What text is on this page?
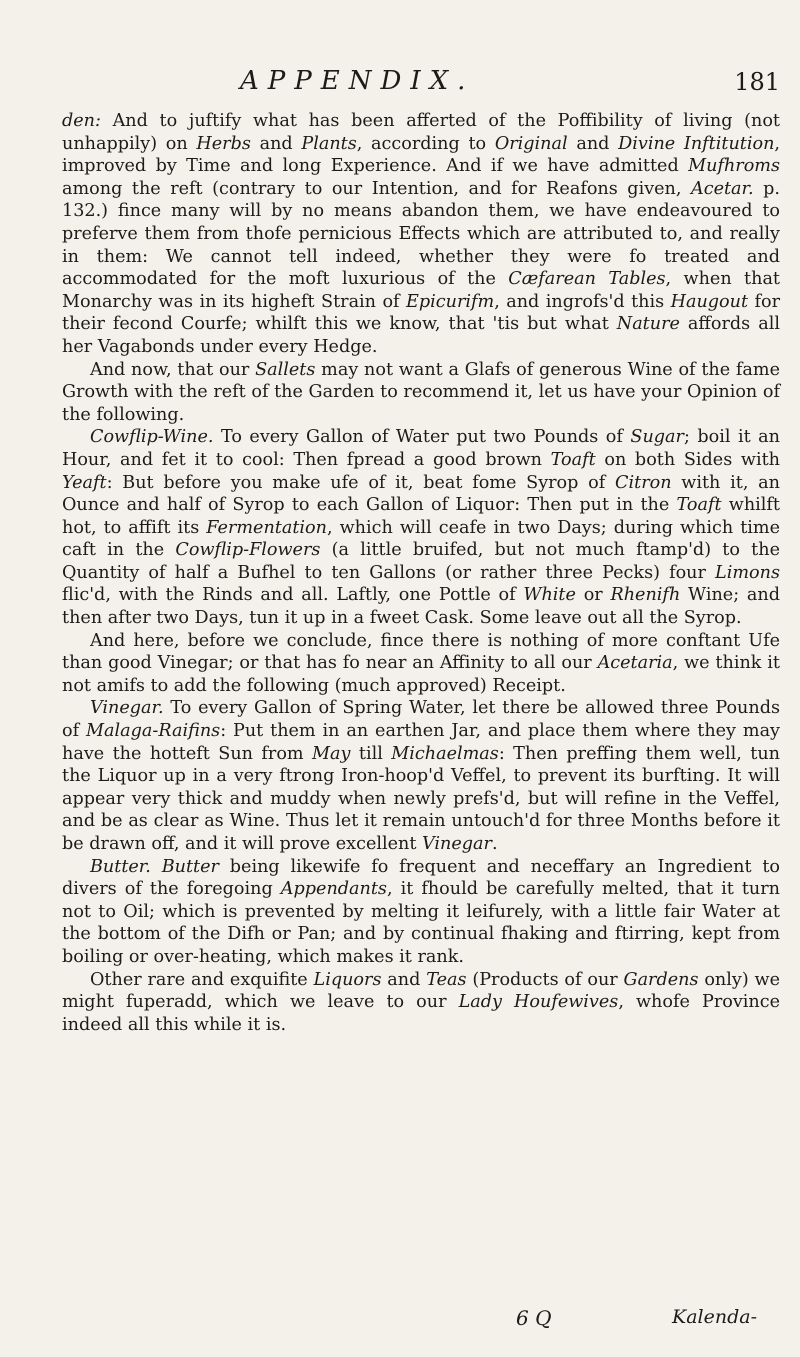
APPENDIX.	181

den: And to juftify what has been afferted of the Poffibility of living (not unhappily) on Herbs and Plants, according to Original and Divine Inftitution, improved by Time and long Experience. And if we have admitted Mufhroms among the reft (contrary to our Intention, and for Reafons given, Acetar. p. 132.) fince many will by no means abandon them, we have endeavoured to preferve them from thofe pernicious Effects which are attributed to, and really in them: We cannot tell indeed, whether they were fo treated and accommodated for the moft luxurious of the Cæfarean Tables, when that Monarchy was in its higheft Strain of Epicurifm, and ingrofs'd this Haugout for their fecond Courfe; whilft this we know, that 'tis but what Nature affords all her Vagabonds under every Hedge.

And now, that our Sallets may not want a Glafs of generous Wine of the fame Growth with the reft of the Garden to recommend it, let us have your Opinion of the following.

Cowflip-Wine. To every Gallon of Water put two Pounds of Sugar; boil it an Hour, and fet it to cool: Then fpread a good brown Toaft on both Sides with Yeaft: But before you make ufe of it, beat fome Syrop of Citron with it, an Ounce and half of Syrop to each Gallon of Liquor: Then put in the Toaft whilft hot, to affift its Fermentation, which will ceafe in two Days; during which time caft in the Cowflip-Flowers (a little bruifed, but not much ftamp'd) to the Quantity of half a Bufhel to ten Gallons (or rather three Pecks) four Limons flic'd, with the Rinds and all. Laftly, one Pottle of White or Rhenifh Wine; and then after two Days, tun it up in a fweet Cask. Some leave out all the Syrop.

And here, before we conclude, fince there is nothing of more conftant Ufe than good Vinegar; or that has fo near an Affinity to all our Acetaria, we think it not amifs to add the following (much approved) Receipt.

Vinegar. To every Gallon of Spring Water, let there be allowed three Pounds of Malaga-Raifins: Put them in an earthen Jar, and place them where they may have the hotteft Sun from May till Michaelmas: Then preffing them well, tun the Liquor up in a very ftrong Iron-hoop'd Veffel, to prevent its burfting. It will appear very thick and muddy when newly prefs'd, but will refine in the Veffel, and be as clear as Wine. Thus let it remain untouch'd for three Months before it be drawn off, and it will prove excellent Vinegar.

Butter. Butter being likewife fo frequent and neceffary an Ingredient to divers of the foregoing Appendants, it fhould be carefully melted, that it turn not to Oil; which is prevented by melting it leifurely, with a little fair Water at the bottom of the Difh or Pan; and by continual fhaking and ftirring, kept from boiling or over-heating, which makes it rank.

Other rare and exquifite Liquors and Teas (Products of our Gardens only) we might fuperadd, which we leave to our Lady Houfewives, whofe Province indeed all this while it is.

6 Q	Kalenda-
